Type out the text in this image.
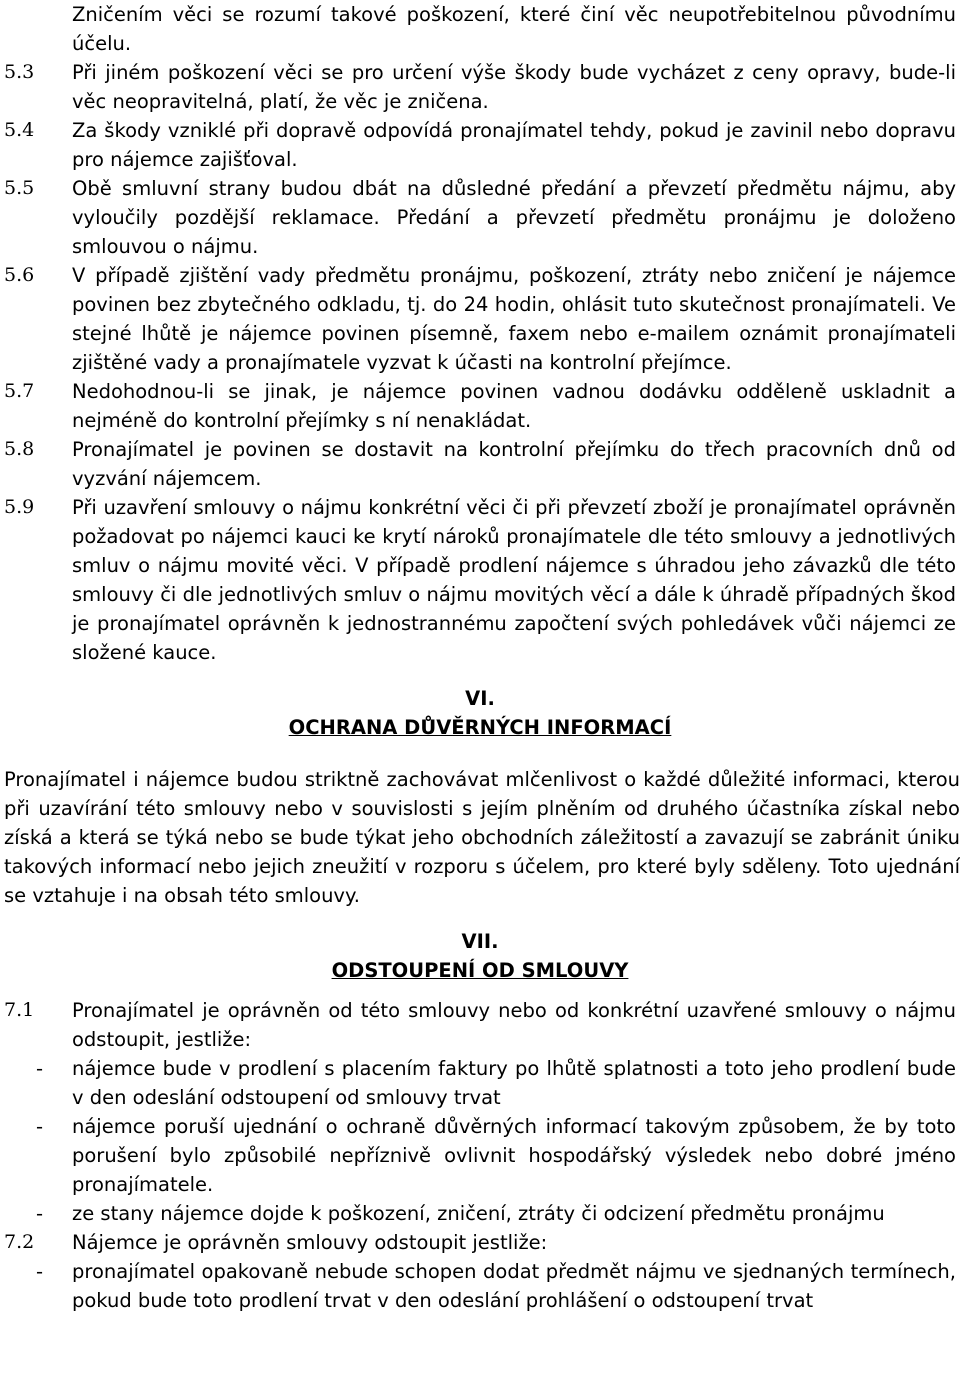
Zničením věci se rozumí takové poškození, které činí věc neupotřebitelnou původnímu účelu.
5.3	Při jiném poškození věci se pro určení výše škody bude vycházet z ceny opravy, bude-li věc neopravitelná, platí, že věc je zničena.
5.4	Za škody vzniklé při dopravě odpovídá pronajímatel tehdy, pokud je zavinil nebo dopravu pro nájemce zajišťoval.
5.5	Obě smluvní strany budou dbát na důsledné předání a převzetí předmětu nájmu, aby vyloučily pozdější reklamace. Předání a převzetí předmětu pronájmu je doloženo smlouvou o nájmu.
5.6	V případě zjištění vady předmětu pronájmu, poškození, ztráty nebo zničení je nájemce povinen bez zbytečného odkladu, tj. do 24 hodin, ohlásit tuto skutečnost pronajímateli. Ve stejné lhůtě je nájemce povinen písemně, faxem nebo e-mailem oznámit pronajímateli zjištěné vady a pronajímatele vyzvat k účasti na kontrolní přejímce.
5.7	Nedohodnou-li se jinak, je nájemce povinen vadnou dodávku odděleně uskladnit a nejméně do kontrolní přejímky s ní nenakládat.
5.8	Pronajímatel je povinen se dostavit na kontrolní přejímku do třech pracovních dnů od vyzvání nájemcem.
5.9	Při uzavření smlouvy o nájmu konkrétní věci či při převzetí zboží je pronajímatel oprávněn požadovat po nájemci kauci ke krytí nároků pronajímatele dle této smlouvy a jednotlivých smluv o nájmu movité věci. V případě prodlení nájemce s úhradou jeho závazků dle této smlouvy či dle jednotlivých smluv o nájmu movitých věcí a dále k úhradě případných škod je pronajímatel oprávněn k jednostrannému započtení svých pohledávek vůči nájemci ze složené kauce.
VI.
OCHRANA DŮVĚRNÝCH INFORMACÍ
Pronajímatel i nájemce budou striktně zachovávat mlčenlivost o každé důležité informaci, kterou při uzavírání této smlouvy nebo v souvislosti s jejím plněním od druhého účastníka získal nebo získá a která se týká nebo se bude týkat jeho obchodních záležitostí a zavazují se zabránit úniku takových informací nebo jejich zneužití v rozporu s účelem, pro které byly sděleny. Toto ujednání se vztahuje i na obsah této smlouvy.
VII.
ODSTOUPENÍ OD SMLOUVY
7.1	Pronajímatel je oprávněn od této smlouvy nebo od konkrétní uzavřené smlouvy o nájmu odstoupit, jestliže:
-	nájemce bude v prodlení s placením faktury po lhůtě splatnosti a toto jeho prodlení bude v den odeslání odstoupení od smlouvy trvat
-	nájemce poruší ujednání o ochraně důvěrných informací takovým způsobem, že by toto porušení bylo způsobilé nepříznivě ovlivnit hospodářský výsledek nebo dobré jméno pronajímatele.
-	ze stany nájemce dojde k poškození, zničení, ztráty či odcizení předmětu pronájmu
7.2	Nájemce je oprávněn smlouvy odstoupit jestliže:
-	pronajímatel opakovaně nebude schopen dodat předmět nájmu ve sjednaných termínech, pokud bude toto prodlení trvat v den odeslání prohlášení o odstoupení trvat
